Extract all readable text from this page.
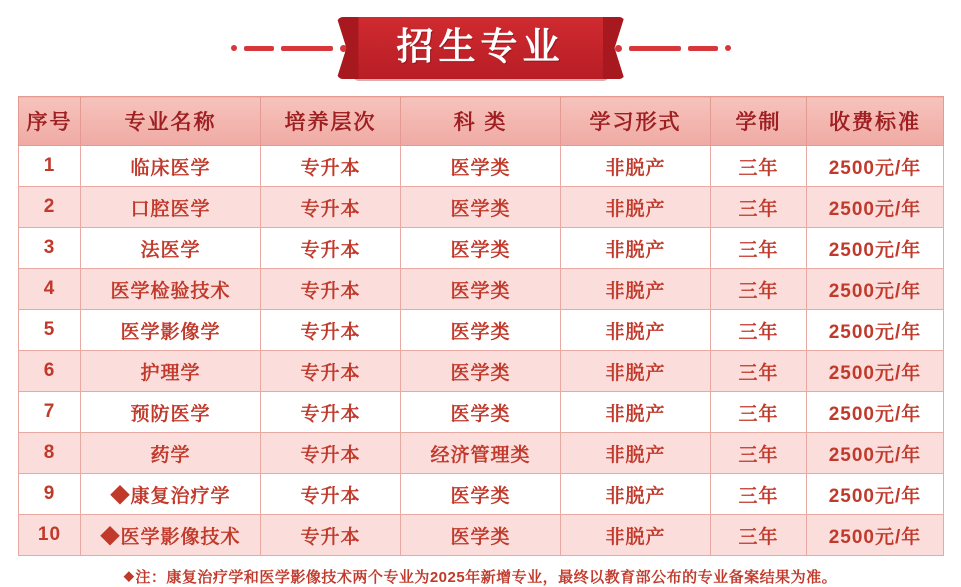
招生专业
序号	专业名称	培养层次	科 类	学习形式	学制	收费标准
1	临床医学	专升本	医学类	非脱产	三年	2500元/年
2	口腔医学	专升本	医学类	非脱产	三年	2500元/年
3	法医学	专升本	医学类	非脱产	三年	2500元/年
4	医学检验技术	专升本	医学类	非脱产	三年	2500元/年
5	医学影像学	专升本	医学类	非脱产	三年	2500元/年
6	护理学	专升本	医学类	非脱产	三年	2500元/年
7	预防医学	专升本	医学类	非脱产	三年	2500元/年
8	药学	专升本	经济管理类	非脱产	三年	2500元/年
9	◆康复治疗学	专升本	医学类	非脱产	三年	2500元/年
10	◆医学影像技术	专升本	医学类	非脱产	三年	2500元/年
◆注：康复治疗学和医学影像技术两个专业为2025年新增专业，最终以教育部公布的专业备案结果为准。
